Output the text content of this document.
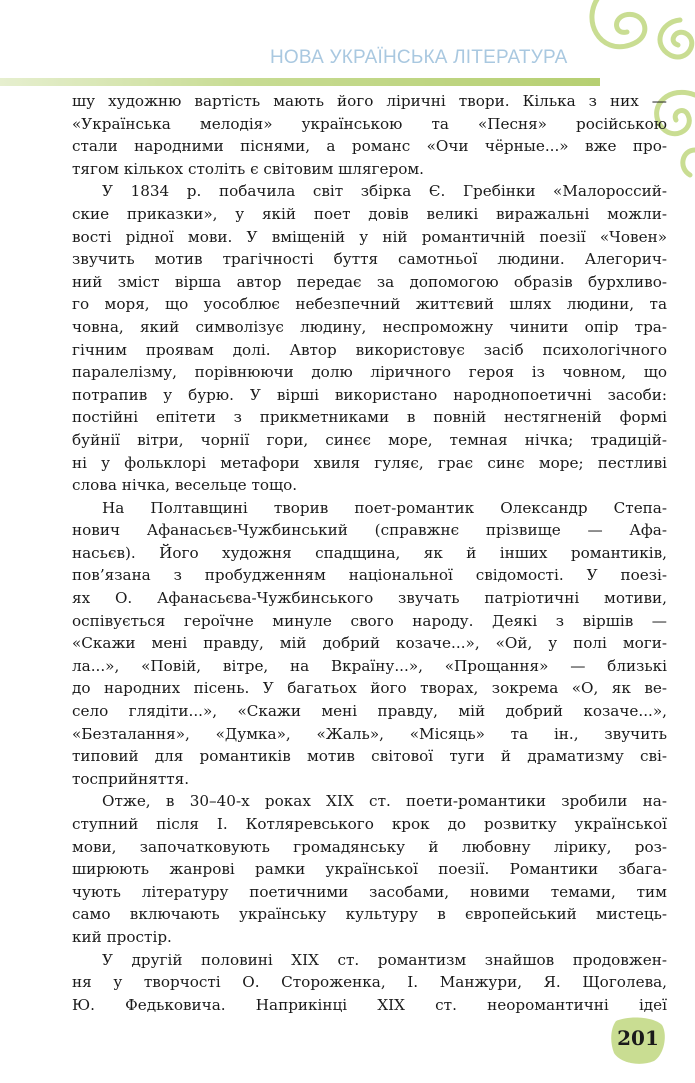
НОВА УКРАЇНСЬКА ЛІТЕРАТУРА
шу художню вартість мають його ліричні твори. Кілька з них —
«Українська мелодія» українською та «Песня» російською
стали народними піснями, а романс «Очи чёрные...» вже про-
тягом кількох століть є світовим шлягером.
У 1834 р. побачила світ збірка Є. Гребінки «Малороссий-
ские приказки», у якій поет довів великі виражальні можли-
вості рідної мови. У вміщеній у ній романтичній поезії «Човен»
звучить мотив трагічності буття самотньої людини. Алегорич-
ний зміст вірша автор передає за допомогою образів бурхливо-
го моря, що уособлює небезпечний життєвий шлях людини, та
човна, який символізує людину, неспроможну чинити опір тра-
гічним проявам долі. Автор використовує засіб психологічного
паралелізму, порівнюючи долю ліричного героя із човном, що
потрапив у бурю. У вірші використано народнопоетичні засоби:
постійні епітети з прикметниками в повній нестягненій формі
буйнії вітри, чорнії гори, синєє море, темная нічка; традицій-
ні у фольклорі метафори хвиля гуляє, грає синє море; пестливі
слова нічка, весельце тощо.
На Полтавщині творив поет-романтик Олександр Степа-
нович Афанасьєв-Чужбинський (справжнє прізвище — Афа-
насьєв). Його художня спадщина, як й інших романтиків,
пов’язана з пробудженням національної свідомості. У поезі-
ях О. Афанасьєва-Чужбинського звучать патріотичні мотиви,
оспівується героїчне минуле свого народу. Деякі з віршів —
«Скажи мені правду, мій добрий козаче...», «Ой, у полі моги-
ла...», «Повій, вітре, на Вкраїну...», «Прощання» — близькі
до народних пісень. У багатьох його творах, зокрема «О, як ве-
село глядіти...», «Скажи мені правду, мій добрий козаче...»,
«Безталання», «Думка», «Жаль», «Місяць» та ін., звучить
типовий для романтиків мотив світової туги й драматизму сві-
тосприйняття.
Отже, в 30–40-х роках XIX ст. поети-романтики зробили на-
ступний після І. Котляревського крок до розвитку української
мови, започатковують громадянську й любовну лірику, роз-
ширюють жанрові рамки української поезії. Романтики збага-
чують літературу поетичними засобами, новими темами, тим
само включають українську культуру в європейський мистець-
кий простір.
У другій половині XIX ст. романтизм знайшов продовжен-
ня у творчості О. Стороженка, І. Манжури, Я. Щоголева,
Ю. Федьковича. Наприкінці XIX ст. неоромантичні ідеї
201
